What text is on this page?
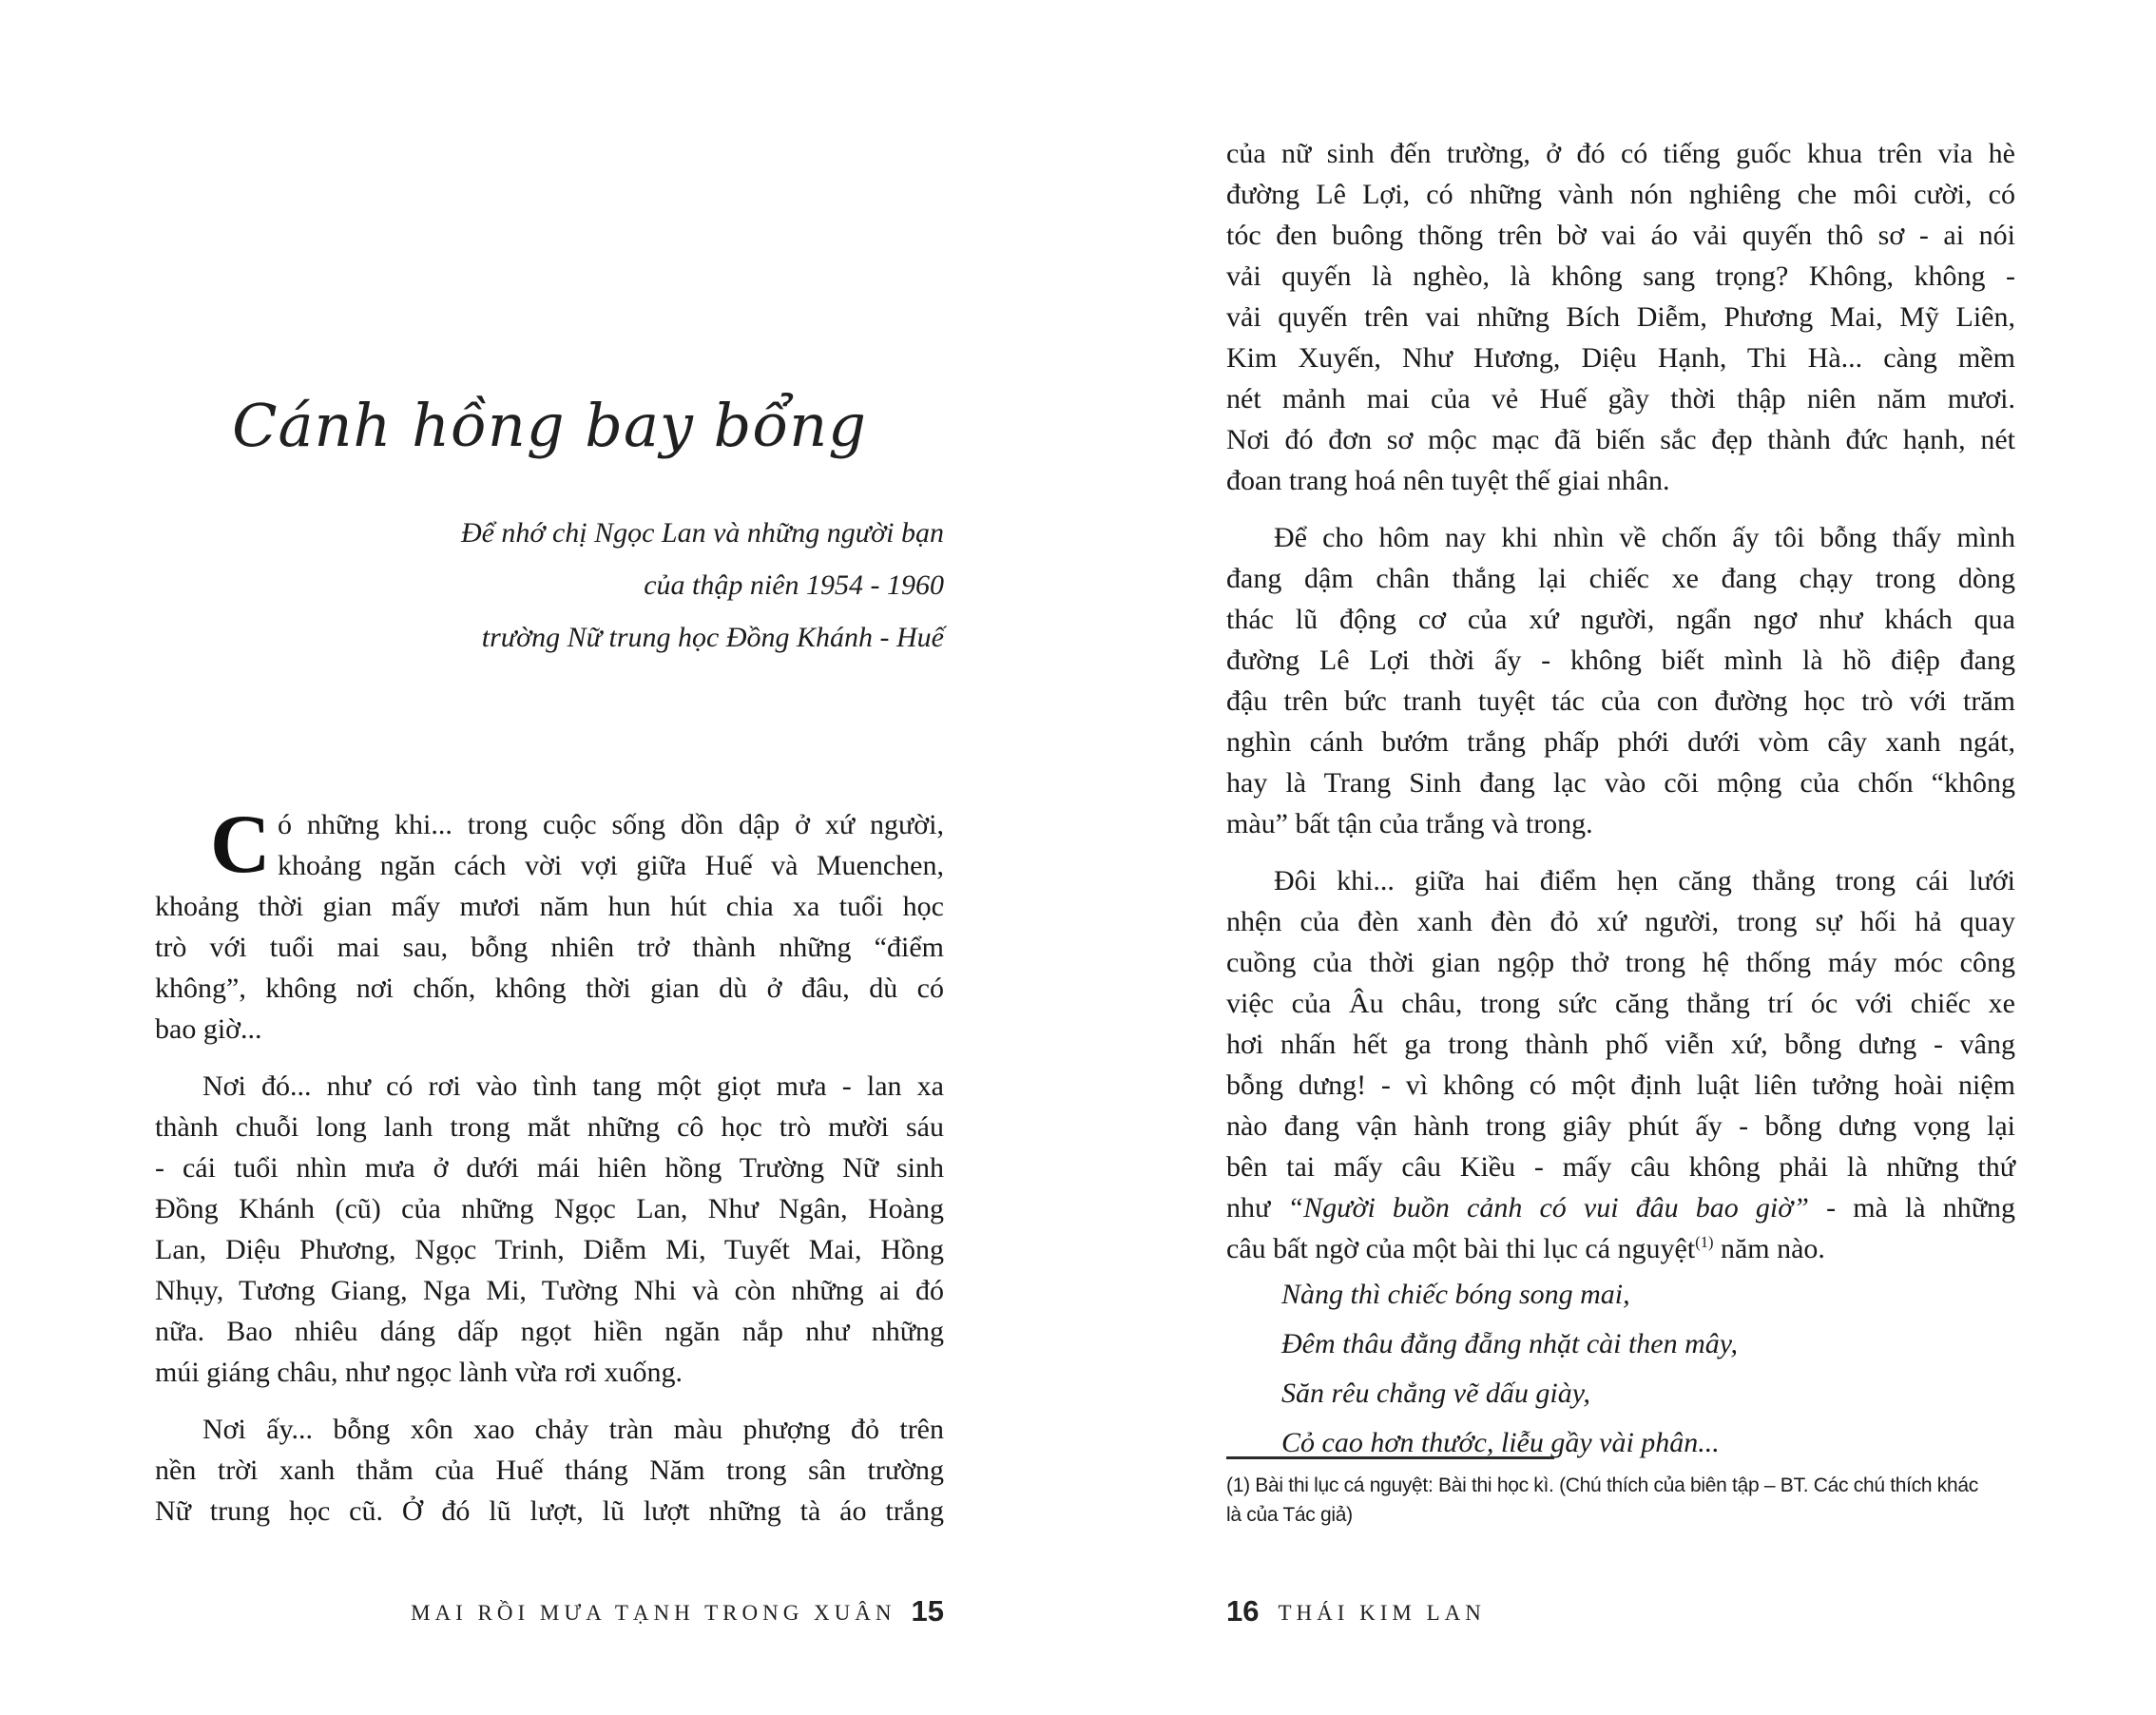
Cánh hồng bay bổng
Để nhớ chị Ngọc Lan và những người bạn
của thập niên 1954 - 1960
trường Nữ trung học Đồng Khánh - Huế
C ó những khi... trong cuộc sống dồn dập ở xứ người,
khoảng ngăn cách vời vợi giữa Huế và Muenchen,
khoảng thời gian mấy mươi năm hun hút chia xa tuổi học
trò với tuổi mai sau, bỗng nhiên trở thành những “điểm
không”, không nơi chốn, không thời gian dù ở đâu, dù có
bao giờ...
Nơi đó... như có rơi vào tình tang một giọt mưa - lan xa
thành chuỗi long lanh trong mắt những cô học trò mười sáu
- cái tuổi nhìn mưa ở dưới mái hiên hồng Trường Nữ sinh
Đồng Khánh (cũ) của những Ngọc Lan, Như Ngân, Hoàng
Lan, Diệu Phương, Ngọc Trinh, Diễm Mi, Tuyết Mai, Hồng
Nhụy, Tương Giang, Nga Mi, Tường Nhi và còn những ai đó
nữa. Bao nhiêu dáng dấp ngọt hiền ngăn nắp như những
múi giáng châu, như ngọc lành vừa rơi xuống.
Nơi ấy... bỗng xôn xao chảy tràn màu phượng đỏ trên
nền trời xanh thẳm của Huế tháng Năm trong sân trường
Nữ trung học cũ. Ở đó lũ lượt, lũ lượt những tà áo trắng
MAI RỒI MƯA TẠNH TRONG XUÂN 15
của nữ sinh đến trường, ở đó có tiếng guốc khua trên vỉa hè
đường Lê Lợi, có những vành nón nghiêng che môi cười, có
tóc đen buông thõng trên bờ vai áo vải quyến thô sơ - ai nói
vải quyến là nghèo, là không sang trọng? Không, không -
vải quyến trên vai những Bích Diễm, Phương Mai, Mỹ Liên,
Kim Xuyến, Như Hương, Diệu Hạnh, Thi Hà... càng mềm
nét mảnh mai của vẻ Huế gầy thời thập niên năm mươi.
Nơi đó đơn sơ mộc mạc đã biến sắc đẹp thành đức hạnh, nét
đoan trang hoá nên tuyệt thế giai nhân.
Để cho hôm nay khi nhìn về chốn ấy tôi bỗng thấy mình
đang dậm chân thắng lại chiếc xe đang chạy trong dòng
thác lũ động cơ của xứ người, ngẩn ngơ như khách qua
đường Lê Lợi thời ấy - không biết mình là hồ điệp đang
đậu trên bức tranh tuyệt tác của con đường học trò với trăm
nghìn cánh bướm trắng phấp phới dưới vòm cây xanh ngát,
hay là Trang Sinh đang lạc vào cõi mộng của chốn “không
màu” bất tận của trắng và trong.
Đôi khi... giữa hai điểm hẹn căng thẳng trong cái lưới
nhện của đèn xanh đèn đỏ xứ người, trong sự hối hả quay
cuồng của thời gian ngộp thở trong hệ thống máy móc công
việc của Âu châu, trong sức căng thẳng trí óc với chiếc xe
hơi nhấn hết ga trong thành phố viễn xứ, bỗng dưng - vâng
bỗng dưng! - vì không có một định luật liên tưởng hoài niệm
nào đang vận hành trong giây phút ấy - bỗng dưng vọng lại
bên tai mấy câu Kiều - mấy câu không phải là những thứ
như “Người buồn cảnh có vui đâu bao giờ” - mà là những
câu bất ngờ của một bài thi lục cá nguyệt$^{(1)}$ năm nào.
Nàng thì chiếc bóng song mai,
Đêm thâu đằng đẵng nhặt cài then mây,
Săn rêu chẳng vẽ dấu giày,
Cỏ cao hơn thước, liễu gầy vài phân...
(1) Bài thi lục cá nguyệt: Bài thi học kì. (Chú thích của biên tập – BT. Các chú thích khác
là của Tác giả)
16 THÁI KIM LAN
